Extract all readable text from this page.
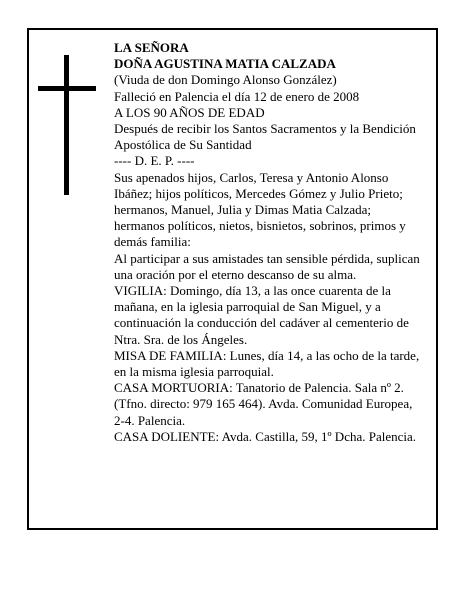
LA SEÑORA

DOÑA AGUSTINA MATIA CALZADA

(Viuda de don Domingo Alonso González)

Falleció en Palencia el día 12 de enero de 2008

A LOS 90 AÑOS DE EDAD

Después de recibir los Santos Sacramentos y la Bendición Apostólica de Su Santidad

---- D. E. P. ----

Sus apenados hijos, Carlos, Teresa y Antonio Alonso Ibáñez; hijos políticos, Mercedes Gómez y Julio Prieto; hermanos, Manuel, Julia y Dimas Matia Calzada; hermanos políticos, nietos, bisnietos, sobrinos, primos y demás familia:

Al participar a sus amistades tan sensible pérdida, suplican una oración por el eterno descanso de su alma.

VIGILIA: Domingo, día 13, a las once cuarenta de la mañana, en la iglesia parroquial de San Miguel, y a continuación la conducción del cadáver al cementerio de Ntra. Sra. de los Ángeles.

MISA DE FAMILIA: Lunes, día 14, a las ocho de la tarde, en la misma iglesia parroquial.

CASA MORTUORIA: Tanatorio de Palencia. Sala nº 2. (Tfno. directo: 979 165 464). Avda. Comunidad Europea, 2-4. Palencia.

CASA DOLIENTE: Avda. Castilla, 59, 1º Dcha. Palencia.
